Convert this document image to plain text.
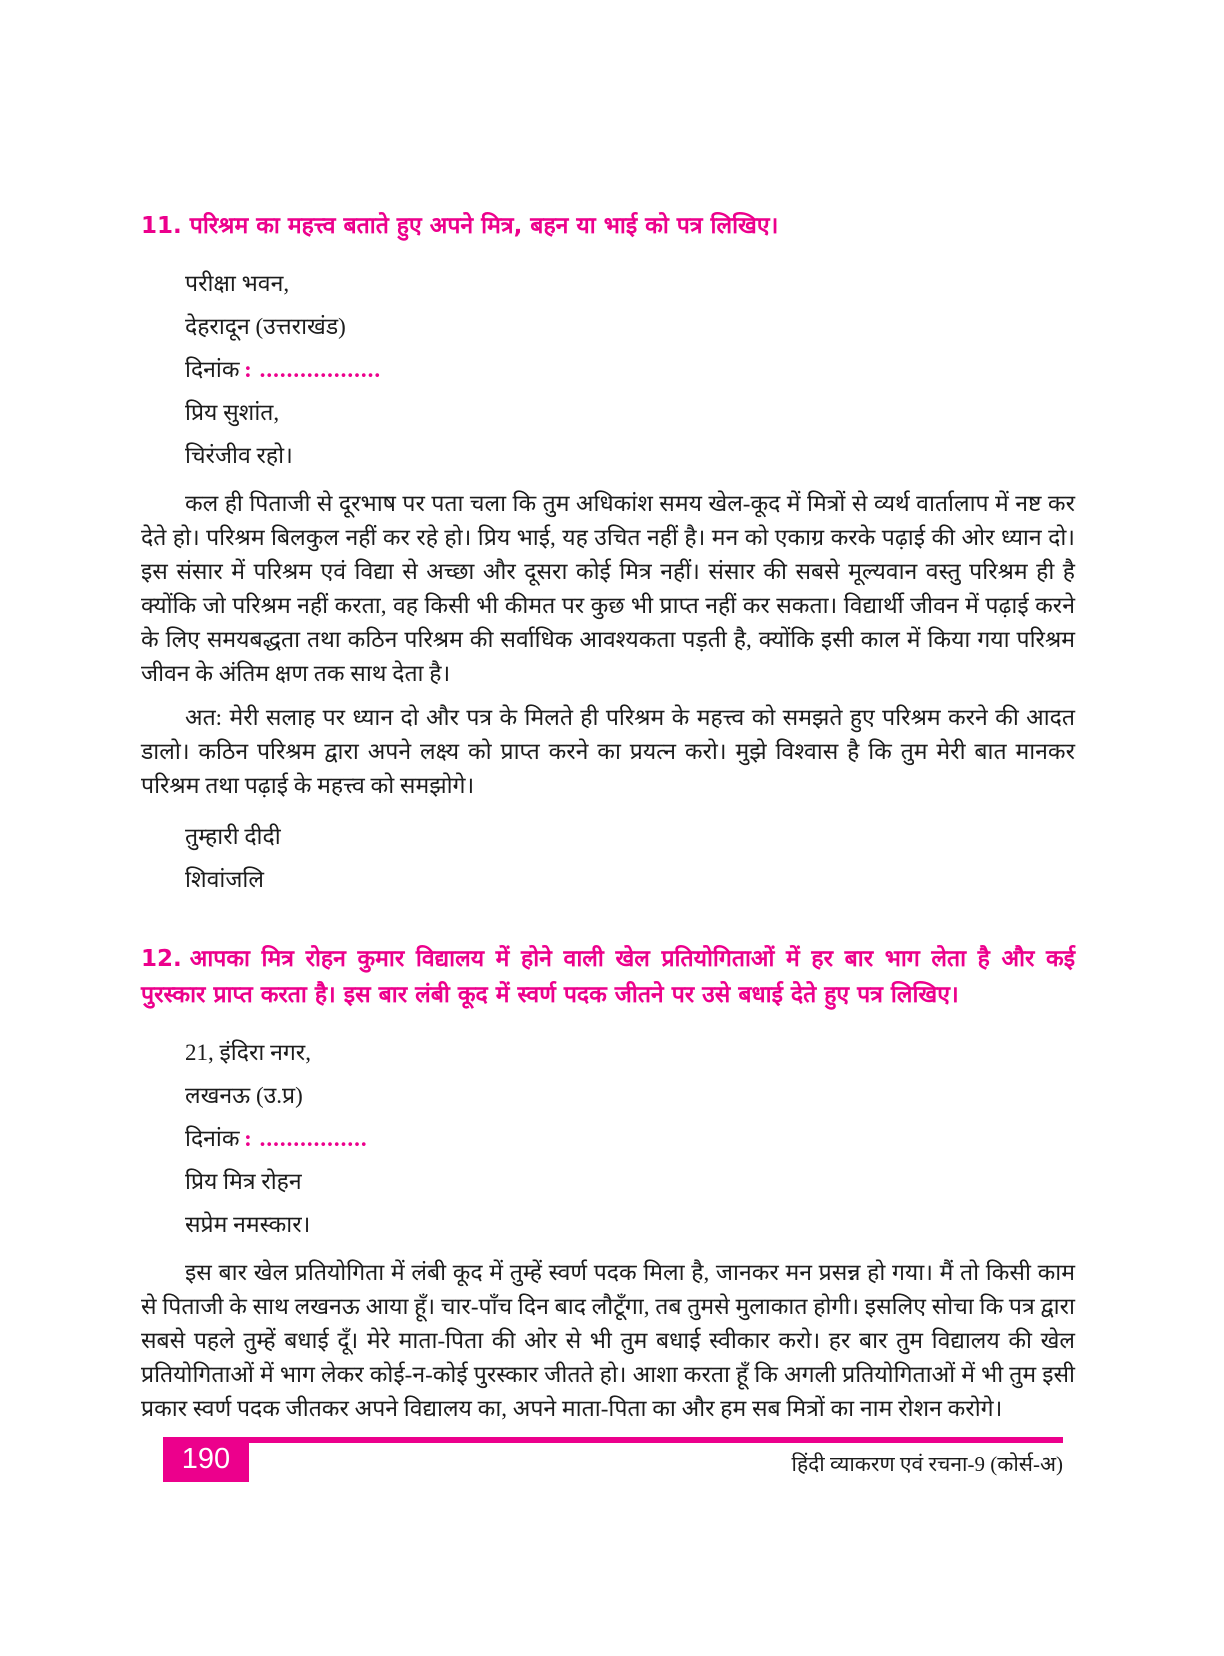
11. परिश्रम का महत्त्व बताते हुए अपने मित्र, बहन या भाई को पत्र लिखिए।

परीक्षा भवन,

देहरादून (उत्तराखंड)

दिनांक  : ..................

प्रिय सुशांत,

चिरंजीव रहो।

कल ही पिताजी से दूरभाष पर पता चला कि तुम अधिकांश समय खेल-कूद में मित्रों से व्यर्थ वार्तालाप में नष्ट कर देते हो। परिश्रम बिलकुल नहीं कर रहे हो। प्रिय भाई, यह उचित नहीं है। मन को एकाग्र करके पढ़ाई की ओर ध्यान दो। इस संसार में परिश्रम एवं विद्या से अच्छा और दूसरा कोई मित्र नहीं। संसार की सबसे मूल्यवान वस्तु परिश्रम ही है क्योंकि जो परिश्रम नहीं करता, वह किसी भी कीमत पर कुछ भी प्राप्त नहीं कर सकता। विद्यार्थी जीवन में पढ़ाई करने के लिए समयबद्धता तथा कठिन परिश्रम की सर्वाधिक आवश्यकता पड़ती है, क्योंकि इसी काल में किया गया परिश्रम जीवन के अंतिम क्षण तक साथ देता है।

अत: मेरी सलाह पर ध्यान दो और पत्र के मिलते ही परिश्रम के महत्त्व को समझते हुए परिश्रम करने की आदत डालो। कठिन परिश्रम द्वारा अपने लक्ष्य को प्राप्त करने का प्रयत्न करो। मुझे विश्वास है कि तुम मेरी बात मानकर परिश्रम तथा पढ़ाई के महत्त्व को समझोगे।

तुम्हारी दीदी

शिवांजलि

12. आपका मित्र रोहन कुमार विद्यालय में होने वाली खेल प्रतियोगिताओं में हर बार भाग लेता है और कई पुरस्कार प्राप्त करता है। इस बार लंबी कूद में स्वर्ण पदक जीतने पर उसे बधाई देते हुए पत्र लिखिए।

21, इंदिरा नगर,

लखनऊ (उ.प्र)

दिनांक  : ................

प्रिय मित्र रोहन

सप्रेम नमस्कार।

इस बार खेल प्रतियोगिता में लंबी कूद में तुम्हें स्वर्ण पदक मिला है, जानकर मन प्रसन्न हो गया। मैं तो किसी काम से पिताजी के साथ लखनऊ आया हूँ। चार-पाँच दिन बाद लौटूँगा, तब तुमसे मुलाकात होगी। इसलिए सोचा कि पत्र द्वारा सबसे पहले तुम्हें बधाई दूँ। मेरे माता-पिता की ओर से भी तुम बधाई स्वीकार करो। हर बार तुम विद्यालय की खेल प्रतियोगिताओं में भाग लेकर कोई-न-कोई पुरस्कार जीतते हो। आशा करता हूँ कि अगली प्रतियोगिताओं में भी तुम इसी प्रकार स्वर्ण पदक जीतकर अपने विद्यालय का, अपने माता-पिता का और हम सब मित्रों का नाम रोशन करोगे।

190	हिंदी व्याकरण एवं रचना-9 (कोर्स-अ)
